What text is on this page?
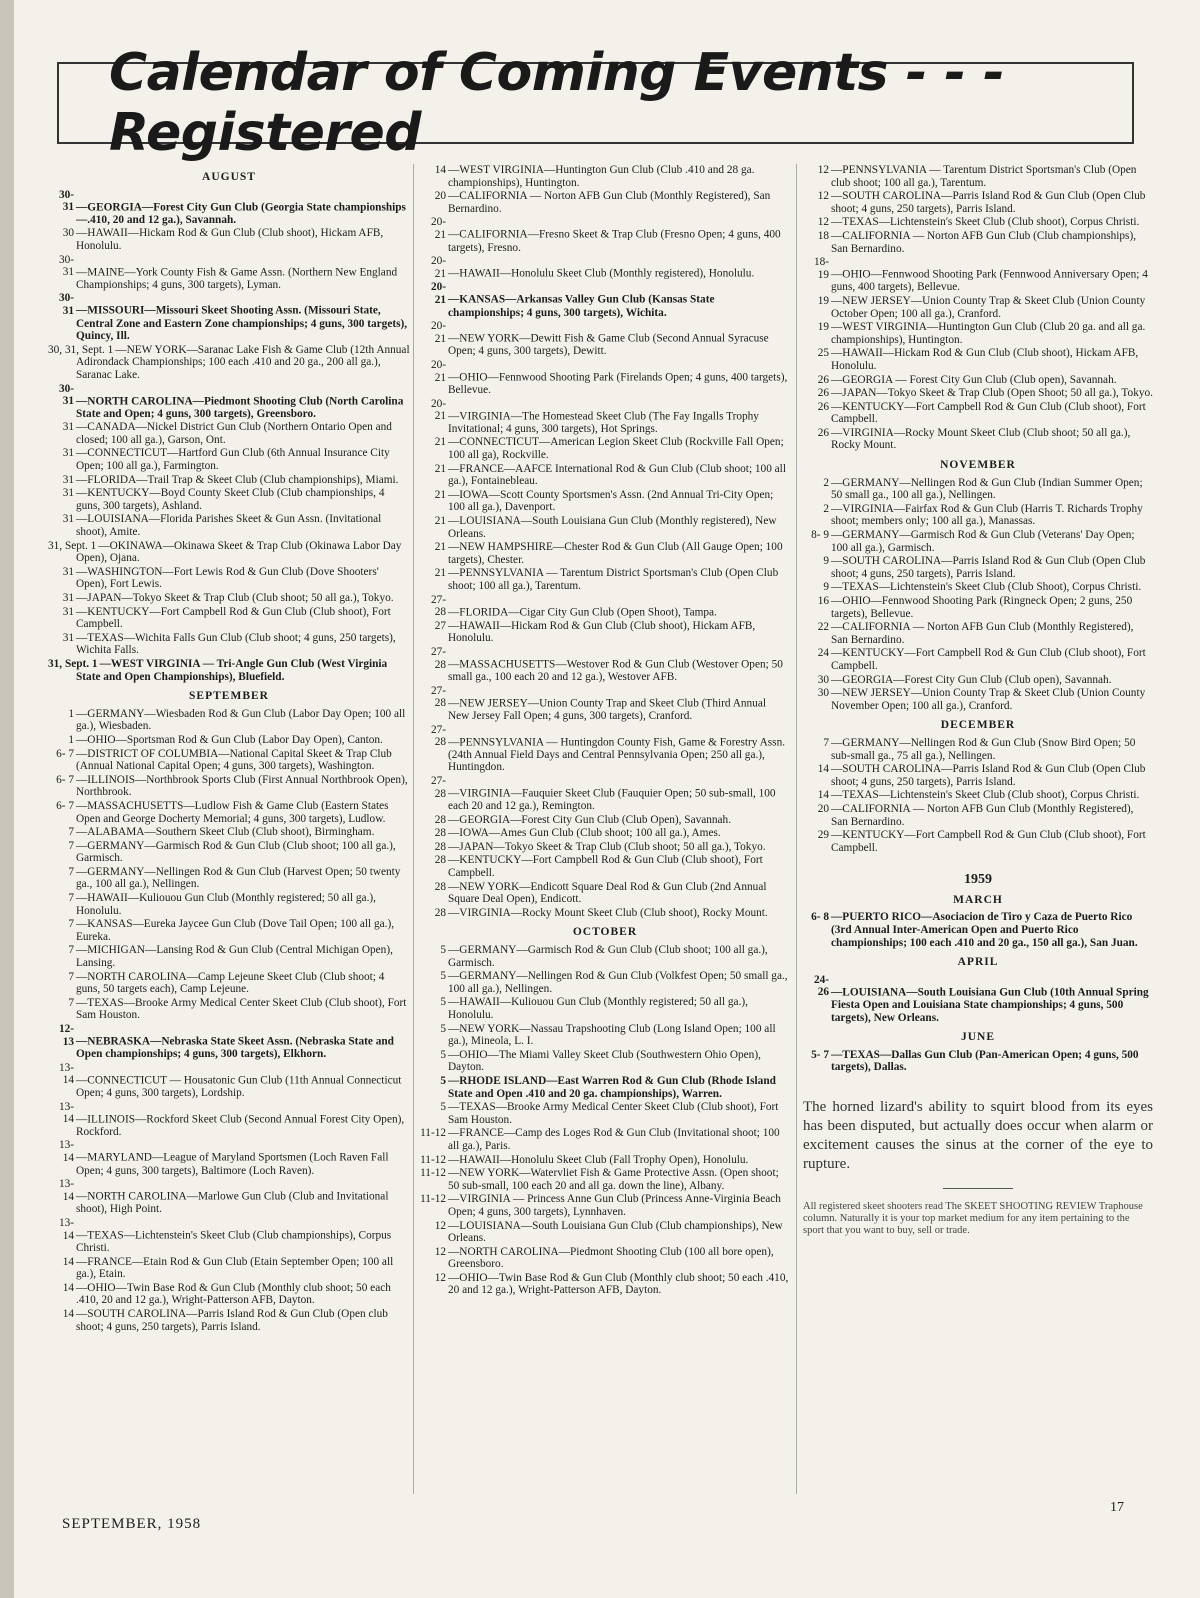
Calendar of Coming Events - - - Registered
AUGUST
30-31 —GEORGIA—Forest City Gun Club (Georgia State championships—.410, 20 and 12 ga.), Savannah.
30 —HAWAII—Hickam Rod & Gun Club (Club shoot), Hickam AFB, Honolulu.
30-31 —MAINE—York County Fish & Game Assn. (Northern New England Championships; 4 guns, 300 targets), Lyman.
30-31 —MISSOURI—Missouri Skeet Shooting Assn. (Missouri State, Central Zone and Eastern Zone championships; 4 guns, 300 targets), Quincy, Ill.
30, 31, Sept. 1 —NEW YORK—Saranac Lake Fish & Game Club (12th Annual Adirondack Championships; 100 each .410 and 20 ga., 200 all ga.), Saranac Lake.
30-31 —NORTH CAROLINA—Piedmont Shooting Club (North Carolina State and Open; 4 guns, 300 targets), Greensboro.
31 —CANADA—Nickel District Gun Club (Northern Ontario Open and closed; 100 all ga.), Garson, Ont.
31 —CONNECTICUT—Hartford Gun Club (6th Annual Insurance City Open; 100 all ga.), Farmington.
31 —FLORIDA—Trail Trap & Skeet Club (Club championships), Miami.
31 —KENTUCKY—Boyd County Skeet Club (Club championships, 4 guns, 300 targets), Ashland.
31 —LOUISIANA—Florida Parishes Skeet & Gun Assn. (Invitational shoot), Amite.
31, Sept. 1 —OKINAWA—Okinawa Skeet & Trap Club (Okinawa Labor Day Open), Ojana.
31 —WASHINGTON—Fort Lewis Rod & Gun Club (Dove Shooters' Open), Fort Lewis.
31 —JAPAN—Tokyo Skeet & Trap Club (Club shoot; 50 all ga.), Tokyo.
31 —KENTUCKY—Fort Campbell Rod & Gun Club (Club shoot), Fort Campbell.
31 —TEXAS—Wichita Falls Gun Club (Club shoot; 4 guns, 250 targets), Wichita Falls.
31, Sept. 1 —WEST VIRGINIA — Tri-Angle Gun Club (West Virginia State and Open Championships), Bluefield.
SEPTEMBER
1 —GERMANY—Wiesbaden Rod & Gun Club (Labor Day Open; 100 all ga.), Wiesbaden.
1 —OHIO—Sportsman Rod & Gun Club (Labor Day Open), Canton.
6- 7 —DISTRICT OF COLUMBIA—National Capital Skeet & Trap Club (Annual National Capital Open; 4 guns, 300 targets), Washington.
6- 7 —ILLINOIS—Northbrook Sports Club (First Annual Northbrook Open), Northbrook.
6- 7 —MASSACHUSETTS—Ludlow Fish & Game Club (Eastern States Open and George Docherty Memorial; 4 guns, 300 targets), Ludlow.
7 —ALABAMA—Southern Skeet Club (Club shoot), Birmingham.
7 —GERMANY—Garmisch Rod & Gun Club (Club shoot; 100 all ga.), Garmisch.
7 —GERMANY—Nellingen Rod & Gun Club (Harvest Open; 50 twenty ga., 100 all ga.), Nellingen.
7 —HAWAII—Kuliouou Gun Club (Monthly registered; 50 all ga.), Honolulu.
7 —KANSAS—Eureka Jaycee Gun Club (Dove Tail Open; 100 all ga.), Eureka.
7 —MICHIGAN—Lansing Rod & Gun Club (Central Michigan Open), Lansing.
7 —NORTH CAROLINA—Camp Lejeune Skeet Club (Club shoot; 4 guns, 50 targets each), Camp Lejeune.
7 —TEXAS—Brooke Army Medical Center Skeet Club (Club shoot), Fort Sam Houston.
12-13 —NEBRASKA—Nebraska State Skeet Assn. (Nebraska State and Open championships; 4 guns, 300 targets), Elkhorn.
13-14 —CONNECTICUT — Housatonic Gun Club (11th Annual Connecticut Open; 4 guns, 300 targets), Lordship.
13-14 —ILLINOIS—Rockford Skeet Club (Second Annual Forest City Open), Rockford.
13-14 —MARYLAND—League of Maryland Sportsmen (Loch Raven Fall Open; 4 guns, 300 targets), Baltimore (Loch Raven).
13-14 —NORTH CAROLINA—Marlowe Gun Club (Club and Invitational shoot), High Point.
13-14 —TEXAS—Lichtenstein's Skeet Club (Club championships), Corpus Christi.
14 —FRANCE—Etain Rod & Gun Club (Etain September Open; 100 all ga.), Etain.
14 —OHIO—Twin Base Rod & Gun Club (Monthly club shoot; 50 each .410, 20 and 12 ga.), Wright-Patterson AFB, Dayton.
14 —SOUTH CAROLINA—Parris Island Rod & Gun Club (Open club shoot; 4 guns, 250 targets), Parris Island.
14 —WEST VIRGINIA—Huntington Gun Club (Club .410 and 28 ga. championships), Huntington.
20 —CALIFORNIA — Norton AFB Gun Club (Monthly Registered), San Bernardino.
20-21 —CALIFORNIA—Fresno Skeet & Trap Club (Fresno Open; 4 guns, 400 targets), Fresno.
20-21 —HAWAII—Honolulu Skeet Club (Monthly registered), Honolulu.
20-21 —KANSAS—Arkansas Valley Gun Club (Kansas State championships; 4 guns, 300 targets), Wichita.
20-21 —NEW YORK—Dewitt Fish & Game Club (Second Annual Syracuse Open; 4 guns, 300 targets), Dewitt.
20-21 —OHIO—Fennwood Shooting Park (Firelands Open; 4 guns, 400 targets), Bellevue.
20-21 —VIRGINIA—The Homestead Skeet Club (The Fay Ingalls Trophy Invitational; 4 guns, 300 targets), Hot Springs.
21 —CONNECTICUT—American Legion Skeet Club (Rockville Fall Open; 100 all ga), Rockville.
21 —FRANCE—AAFCE International Rod & Gun Club (Club shoot; 100 all ga.), Fontainebleau.
21 —IOWA—Scott County Sportsmen's Assn. (2nd Annual Tri-City Open; 100 all ga.), Davenport.
21 —LOUISIANA—South Louisiana Gun Club (Monthly registered), New Orleans.
21 —NEW HAMPSHIRE—Chester Rod & Gun Club (All Gauge Open; 100 targets), Chester.
21 —PENNSYLVANIA — Tarentum District Sportsman's Club (Open Club shoot; 100 all ga.), Tarentum.
27-28 —FLORIDA—Cigar City Gun Club (Open Shoot), Tampa.
27 —HAWAII—Hickam Rod & Gun Club (Club shoot), Hickam AFB, Honolulu.
27-28 —MASSACHUSETTS—Westover Rod & Gun Club (Westover Open; 50 small ga., 100 each 20 and 12 ga.), Westover AFB.
27-28 —NEW JERSEY—Union County Trap and Skeet Club (Third Annual New Jersey Fall Open; 4 guns, 300 targets), Cranford.
27-28 —PENNSYLVANIA — Huntingdon County Fish, Game & Forestry Assn. (24th Annual Field Days and Central Pennsylvania Open; 250 all ga.), Huntingdon.
27-28 —VIRGINIA—Fauquier Skeet Club (Fauquier Open; 50 sub-small, 100 each 20 and 12 ga.), Remington.
28 —GEORGIA—Forest City Gun Club (Club Open), Savannah.
28 —IOWA—Ames Gun Club (Club shoot; 100 all ga.), Ames.
28 —JAPAN—Tokyo Skeet & Trap Club (Club shoot; 50 all ga.), Tokyo.
28 —KENTUCKY—Fort Campbell Rod & Gun Club (Club shoot), Fort Campbell.
28 —NEW YORK—Endicott Square Deal Rod & Gun Club (2nd Annual Square Deal Open), Endicott.
28 —VIRGINIA—Rocky Mount Skeet Club (Club shoot), Rocky Mount.
OCTOBER
5 —GERMANY—Garmisch Rod & Gun Club (Club shoot; 100 all ga.), Garmisch.
5 —GERMANY—Nellingen Rod & Gun Club (Volkfest Open; 50 small ga., 100 all ga.), Nellingen.
5 —HAWAII—Kuliouou Gun Club (Monthly registered; 50 all ga.), Honolulu.
5 —NEW YORK—Nassau Trapshooting Club (Long Island Open; 100 all ga.), Mineola, L. I.
5 —OHIO—The Miami Valley Skeet Club (Southwestern Ohio Open), Dayton.
5 —RHODE ISLAND—East Warren Rod & Gun Club (Rhode Island State and Open .410 and 20 ga. championships), Warren.
5 —TEXAS—Brooke Army Medical Center Skeet Club (Club shoot), Fort Sam Houston.
11-12 —FRANCE—Camp des Loges Rod & Gun Club (Invitational shoot; 100 all ga.), Paris.
11-12 —HAWAII—Honolulu Skeet Club (Fall Trophy Open), Honolulu.
11-12 —NEW YORK—Watervliet Fish & Game Protective Assn. (Open shoot; 50 sub-small, 100 each 20 and all ga. down the line), Albany.
11-12 —VIRGINIA — Princess Anne Gun Club (Princess Anne-Virginia Beach Open; 4 guns, 300 targets), Lynnhaven.
12 —LOUISIANA—South Louisiana Gun Club (Club championships), New Orleans.
12 —NORTH CAROLINA—Piedmont Shooting Club (100 all bore open), Greensboro.
12 —OHIO—Twin Base Rod & Gun Club (Monthly club shoot; 50 each .410, 20 and 12 ga.), Wright-Patterson AFB, Dayton.
12 —PENNSYLVANIA — Tarentum District Sportsman's Club (Open club shoot; 100 all ga.), Tarentum.
12 —SOUTH CAROLINA—Parris Island Rod & Gun Club (Open Club shoot; 4 guns, 250 targets), Parris Island.
12 —TEXAS—Lichtenstein's Skeet Club (Club shoot), Corpus Christi.
18 —CALIFORNIA — Norton AFB Gun Club (Club championships), San Bernardino.
18-19 —OHIO—Fennwood Shooting Park (Fennwood Anniversary Open; 4 guns, 400 targets), Bellevue.
19 —NEW JERSEY—Union County Trap & Skeet Club (Union County October Open; 100 all ga.), Cranford.
19 —WEST VIRGINIA—Huntington Gun Club (Club 20 ga. and all ga. championships), Huntington.
25 —HAWAII—Hickam Rod & Gun Club (Club shoot), Hickam AFB, Honolulu.
26 —GEORGIA — Forest City Gun Club (Club open), Savannah.
26 —JAPAN—Tokyo Skeet & Trap Club (Open Shoot; 50 all ga.), Tokyo.
26 —KENTUCKY—Fort Campbell Rod & Gun Club (Club shoot), Fort Campbell.
26 —VIRGINIA—Rocky Mount Skeet Club (Club shoot; 50 all ga.), Rocky Mount.
NOVEMBER
2 —GERMANY—Nellingen Rod & Gun Club (Indian Summer Open; 50 small ga., 100 all ga.), Nellingen.
2 —VIRGINIA—Fairfax Rod & Gun Club (Harris T. Richards Trophy shoot; members only; 100 all ga.), Manassas.
8- 9 —GERMANY—Garmisch Rod & Gun Club (Veterans' Day Open; 100 all ga.), Garmisch.
9 —SOUTH CAROLINA—Parris Island Rod & Gun Club (Open Club shoot; 4 guns, 250 targets), Parris Island.
9 —TEXAS—Lichtenstein's Skeet Club (Club Shoot), Corpus Christi.
16 —OHIO—Fennwood Shooting Park (Ringneck Open; 2 guns, 250 targets), Bellevue.
22 —CALIFORNIA — Norton AFB Gun Club (Monthly Registered), San Bernardino.
24 —KENTUCKY—Fort Campbell Rod & Gun Club (Club shoot), Fort Campbell.
30 —GEORGIA—Forest City Gun Club (Club open), Savannah.
30 —NEW JERSEY—Union County Trap & Skeet Club (Union County November Open; 100 all ga.), Cranford.
DECEMBER
7 —GERMANY—Nellingen Rod & Gun Club (Snow Bird Open; 50 sub-small ga., 75 all ga.), Nellingen.
14 —SOUTH CAROLINA—Parris Island Rod & Gun Club (Open Club shoot; 4 guns, 250 targets), Parris Island.
14 —TEXAS—Lichtenstein's Skeet Club (Club shoot), Corpus Christi.
20 —CALIFORNIA — Norton AFB Gun Club (Monthly Registered), San Bernardino.
29 —KENTUCKY—Fort Campbell Rod & Gun Club (Club shoot), Fort Campbell.
1959
MARCH
6- 8 —PUERTO RICO—Asociacion de Tiro y Caza de Puerto Rico (3rd Annual Inter-American Open and Puerto Rico championships; 100 each .410 and 20 ga., 150 all ga.), San Juan.
APRIL
24-26 —LOUISIANA—South Louisiana Gun Club (10th Annual Spring Fiesta Open and Louisiana State championships; 4 guns, 500 targets), New Orleans.
JUNE
5- 7 —TEXAS—Dallas Gun Club (Pan-American Open; 4 guns, 500 targets), Dallas.

The horned lizard's ability to squirt blood from its eyes has been disputed, but actually does occur when alarm or excitement causes the sinus at the corner of the eye to rupture.

All registered skeet shooters read The SKEET SHOOTING REVIEW Traphouse column. Naturally it is your top market medium for any item pertaining to the sport that you want to buy, sell or trade.

SEPTEMBER, 1958
17
